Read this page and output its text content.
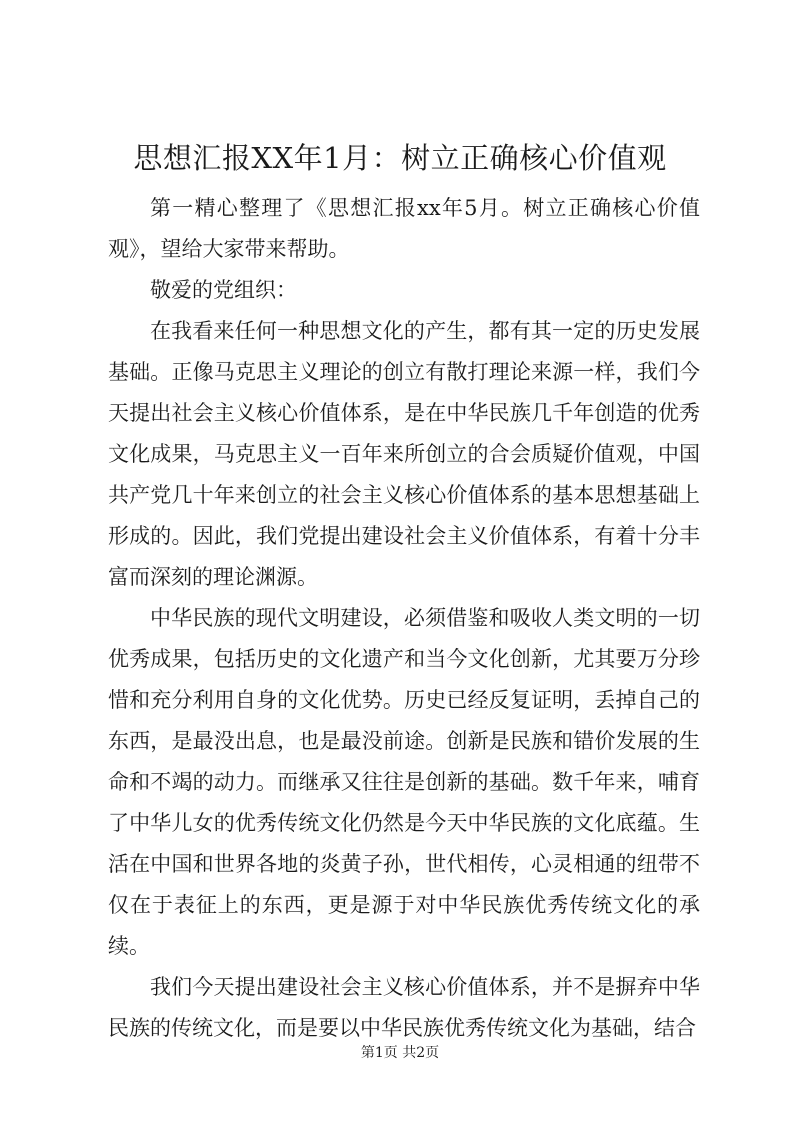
思想汇报XX年1月：树立正确核心价值观

第一精心整理了《思想汇报xx年5月。树立正确核心价值观》，望给大家带来帮助。

敬爱的党组织：

在我看来任何一种思想文化的产生，都有其一定的历史发展基础。正像马克思主义理论的创立有散打理论来源一样，我们今天提出社会主义核心价值体系，是在中华民族几千年创造的优秀文化成果，马克思主义一百年来所创立的合会质疑价值观，中国共产党几十年来创立的社会主义核心价值体系的基本思想基础上形成的。因此，我们党提出建设社会主义价值体系，有着十分丰富而深刻的理论渊源。

中华民族的现代文明建设，必须借鉴和吸收人类文明的一切优秀成果，包括历史的文化遗产和当今文化创新，尤其要万分珍惜和充分利用自身的文化优势。历史已经反复证明，丢掉自己的东西，是最没出息，也是最没前途。创新是民族和错价发展的生命和不竭的动力。而继承又往往是创新的基础。数千年来，哺育了中华儿女的优秀传统文化仍然是今天中华民族的文化底蕴。生活在中国和世界各地的炎黄子孙，世代相传，心灵相通的纽带不仅在于表征上的东西，更是源于对中华民族优秀传统文化的承续。

我们今天提出建设社会主义核心价值体系，并不是摒弃中华民族的传统文化，而是要以中华民族优秀传统文化为基础，结合

第1页 共2页
